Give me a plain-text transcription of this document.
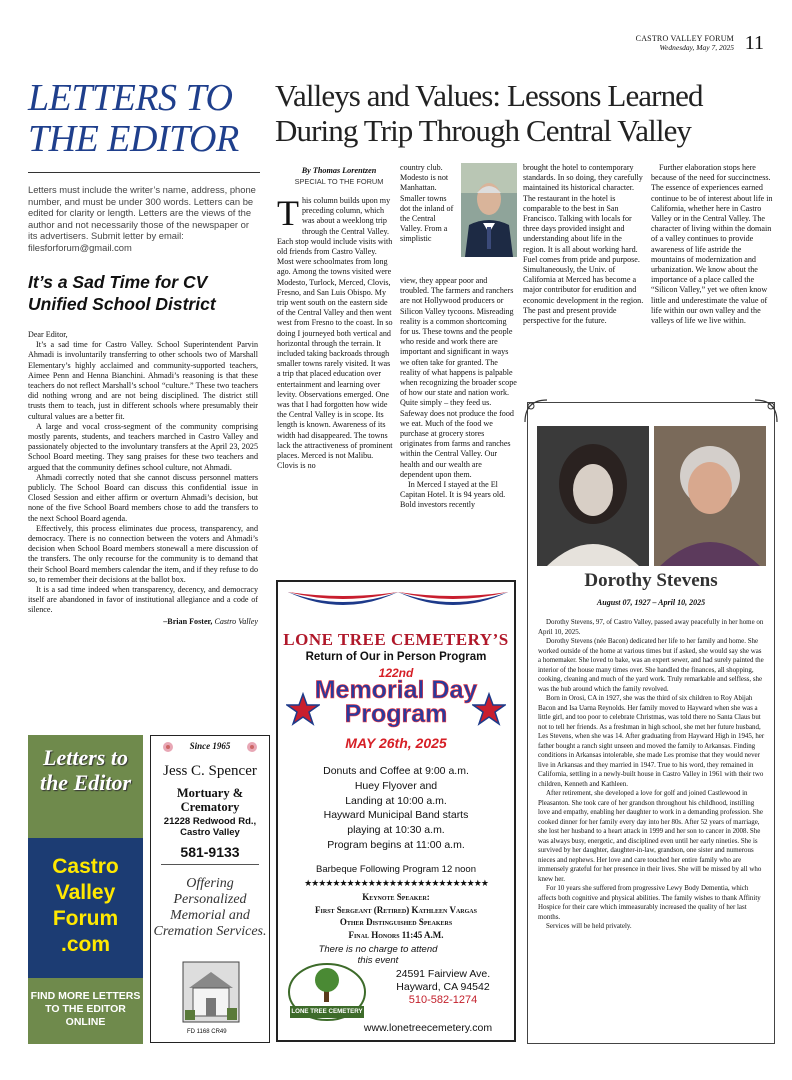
CASTRO VALLEY FORUM
Wednesday, May 7, 2025 11
LETTERS TO THE EDITOR
Letters must include the writer’s name, address, phone number, and must be under 300 words. Letters can be edited for clarity or length. Letters are the views of the author and not necessarily those of the newspaper or its advertisers. Submit letter by email: filesforforum@gmail.com
It’s a Sad Time for CV Unified School District

Dear Editor,

It’s a sad time for Castro Valley. School Superintendent Parvin Ahmadi is involuntarily transferring to other schools two of Marshall Elementary’s highly acclaimed and community-supported teachers, Aimee Penn and Henna Bianchini. Ahmadi’s reasoning is that these teachers do not reflect Marshall’s school “culture.” These two teachers did nothing wrong and are not being disciplined. The district still trusts them to teach, just in different schools where presumably their cultural values are a better fit.

A large and vocal cross-segment of the community comprising mostly parents, students, and teachers marched in Castro Valley and passionately objected to the involuntary transfers at the April 23, 2025 School Board meeting. They sang praises for these two teachers and argued that the community defines school culture, not Ahmadi.

Ahmadi correctly noted that she cannot discuss personnel matters publicly. The School Board can discuss this confidential issue in Closed Session and either affirm or overturn Ahmadi’s decision, but none of the five School Board members chose to add the transfers to the next School Board agenda.

Effectively, this process eliminates due process, transparency, and democracy. There is no connection between the voters and Ahmadi’s decision when School Board members stonewall a mere discussion of the transfers. The only recourse for the community is to demand that their School Board members calendar the item, and if they refuse to do so, to remember their decisions at the ballot box.

It is a sad time indeed when transparency, decency, and democracy itself are abandoned in favor of institutional allegiance and a code of silence.

–Brian Foster, Castro Valley
Letters to the Editor
Castro Valley Forum .com
FIND MORE LETTERS TO THE EDITOR ONLINE
Since 1965
Jess C. Spencer
Mortuary & Crematory
21228 Redwood Rd., Castro Valley
581-9133
Offering Personalized Memorial and Cremation Services.
FD 1168 CR49
Valleys and Values: Lessons Learned During Trip Through Central Valley
By Thomas Lorentzen
SPECIAL TO THE FORUM
This column builds upon my preceding column, which was about a weeklong trip through the Central Valley. Each stop would include visits with old friends from Castro Valley. Most were schoolmates from long ago. Among the towns visited were Modesto, Turlock, Merced, Clovis, Fresno, and San Luis Obispo. My trip went south on the eastern side of the Central Valley and then went west from Fresno to the coast. In so doing I journeyed both vertical and horizontal through the terrain. It included taking backroads through smaller towns rarely visited. It was a trip that placed education over entertainment and learning over levity. Observations emerged. One was that I had forgotten how wide the Central Valley is in scope. Its length is known. Awareness of its width had disappeared. The towns lack the attractiveness of prominent places. Merced is not Malibu. Clovis is no
country club. Modesto is not Manhattan. Smaller towns dot the inland of the Central Valley. From a simplistic

view, they appear poor and troubled. The farmers and ranchers are not Hollywood producers or Silicon Valley tycoons. Misreading reality is a common shortcoming for us. These towns and the people who reside and work there are important and significant in ways we often take for granted. The reality of what happens is palpable when recognizing the broader scope of how our state and nation work. Quite simply – they feed us. Safeway does not produce the food we eat. Much of the food we purchase at grocery stores originates from farms and ranches within the Central Valley. Our health and our wealth are dependent upon them.

In Merced I stayed at the El Capitan Hotel. It is 94 years old. Bold investors recently

brought the hotel to contemporary standards. In so doing, they carefully maintained its historical character. The restaurant in the hotel is comparable to the best in San Francisco. Talking with locals for three days provided insight and understanding about life in the region. It is all about working hard. Fuel comes from pride and purpose. Simultaneously, the Univ. of California at Merced has become a major contributor for erudition and economic development in the region. The past and present provide perspective for the future.

Further elaboration stops here because of the need for succinctness. The essence of experiences earned continue to be of interest about life in California, whether here in Castro Valley or in the Central Valley. The character of living within the domain of a valley continues to provide awareness of life astride the mountains of modernization and urbanization. We know about the importance of a place called the “Silicon Valley,” yet we often know little and underestimate the value of life within our own valley and the valleys of life we live within.

Dorothy Stevens
August 07, 1927 – April 10, 2025

Dorothy Stevens, 97, of Castro Valley, passed away peacefully in her home on April 10, 2025.

Dorothy Stevens (née Bacon) dedicated her life to her family and home. She worked outside of the home at various times but if asked, she would say she was a homemaker. She loved to bake, was an expert sewer, and had surely painted the interior of the house many times over. She handled the finances, all shopping, cooking, cleaning and much of the yard work. Truly remarkable and selfless, she was the hub around which the family revolved.

Born in Orosi, CA in 1927, she was the third of six children to Roy Abijah Bacon and Isa Uarna Reynolds. Her family moved to Hayward when she was a little girl, and too poor to celebrate Christmas, was told there no Santa Claus but not to tell her friends. As a freshman in high school, she met her future husband, Les Stevens, when she was 14. After graduating from Hayward High in 1945, her father bought a ranch sight unseen and moved the family to Arkansas. Finding conditions in Arkansas intolerable, she made Les promise that they would never live in Arkansas and they married in 1947. True to his word, they remained in California, settling in a newly-built house in Castro Valley in 1961 with their two children, Kenneth and Kathleen.

After retirement, she developed a love for golf and joined Castlewood in Pleasanton. She took care of her grandson throughout his childhood, instilling love and empathy, enabling her daughter to work in a demanding profession. She cooked dinner for her family every day into her 80s. After 52 years of marriage, she lost her husband to a heart attack in 1999 and her son to cancer in 2008. She was always busy, energetic, and disciplined even until her early nineties. She is survived by her daughter, daughter-in-law, grandson, one sister and numerous nieces and nephews. Her love and care touched her entire family who are immensely grateful for her presence in their lives. She will be missed by all who knew her.

For 10 years she suffered from progressive Lewy Body Dementia, which affects both cognitive and physical abilities. The family wishes to thank Affinity Hospice for their care which immeasurably increased the quality of her last months.

Services will be held privately.

LONE TREE CEMETERY’S
Return of Our in Person Program
122nd
Memorial Day Program
MAY 26th, 2025
Donuts and Coffee at 9:00 a.m.
Huey Flyover and
Landing at 10:00 a.m.
Hayward Municipal Band starts
playing at 10:30 a.m.
Program begins at 11:00 a.m.
Barbeque Following Program 12 noon
★★★★★★★★★★★★★★★★★★★★★★★★★★
Keynote Speaker:
First Sergeant (Retired) Kathleen Vargas
Other Distinguished Speakers
Final Honors 11:45 A.M.
There is no charge to attend this event
LONE TREE CEMETERY
24591 Fairview Ave.
Hayward, CA 94542
510-582-1274
www.lonetreecemetery.com
